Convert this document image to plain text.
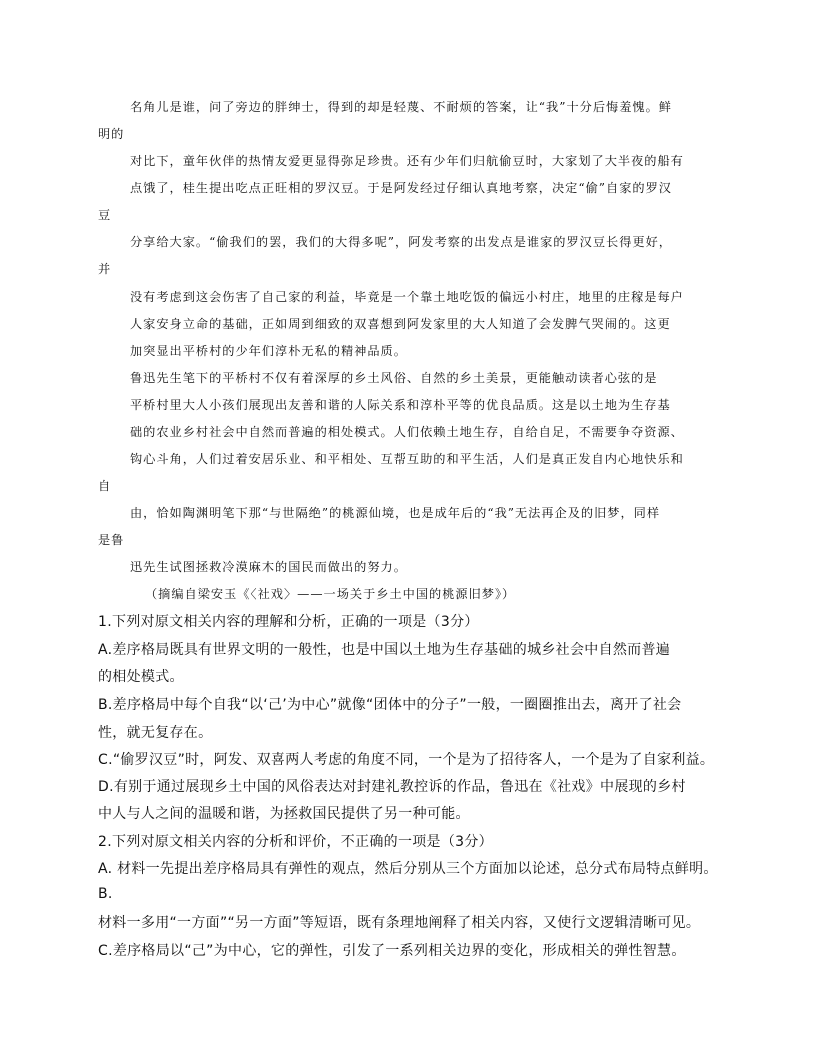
名角儿是谁，问了旁边的胖绅士，得到的却是轻蔑、不耐烦的答案，让“我”十分后悔羞愧。鲜
明的
对比下，童年伙伴的热情友爱更显得弥足珍贵。还有少年们归航偷豆时，大家划了大半夜的船有
点饿了，桂生提出吃点正旺相的罗汉豆。于是阿发经过仔细认真地考察，决定“偷”自家的罗汉
豆
分享给大家。“偷我们的罢，我们的大得多呢”，阿发考察的出发点是谁家的罗汉豆长得更好，
并
没有考虑到这会伤害了自己家的利益，毕竟是一个靠土地吃饭的偏远小村庄，地里的庄稼是每户
人家安身立命的基础，正如周到细致的双喜想到阿发家里的大人知道了会发脾气哭闹的。这更
加突显出平桥村的少年们淳朴无私的精神品质。
鲁迅先生笔下的平桥村不仅有着深厚的乡土风俗、自然的乡土美景，更能触动读者心弦的是
平桥村里大人小孩们展现出友善和谐的人际关系和淳朴平等的优良品质。这是以土地为生存基
础的农业乡村社会中自然而普遍的相处模式。人们依赖土地生存，自给自足，不需要争夺资源、
钩心斗角，人们过着安居乐业、和平相处、互帮互助的和平生活，人们是真正发自内心地快乐和
自
由，恰如陶渊明笔下那“与世隔绝”的桃源仙境，也是成年后的“我”无法再企及的旧梦，同样
是鲁
迅先生试图拯救冷漠麻木的国民而做出的努力。
（摘编自梁安玉《〈社戏〉——一场关于乡土中国的桃源旧梦》）
1.下列对原文相关内容的理解和分析，正确的一项是（3分）
A.差序格局既具有世界文明的一般性，也是中国以土地为生存基础的城乡社会中自然而普遍
的相处模式。
B.差序格局中每个自我“以‘己’为中心”就像“团体中的分子”一般，一圈圈推出去，离开了社会
性，就无复存在。
C.“偷罗汉豆”时，阿发、双喜两人考虑的角度不同，一个是为了招待客人，一个是为了自家利益。
D.有别于通过展现乡土中国的风俗表达对封建礼教控诉的作品，鲁迅在《社戏》中展现的乡村
中人与人之间的温暖和谐，为拯救国民提供了另一种可能。
2.下列对原文相关内容的分析和评价，不正确的一项是（3分）
A. 材料一先提出差序格局具有弹性的观点，然后分别从三个方面加以论述，总分式布局特点鲜明。
B.
材料一多用“一方面”“另一方面”等短语，既有条理地阐释了相关内容，又使行文逻辑清晰可见。
C.差序格局以“己”为中心，它的弹性，引发了一系列相关边界的变化，形成相关的弹性智慧。
